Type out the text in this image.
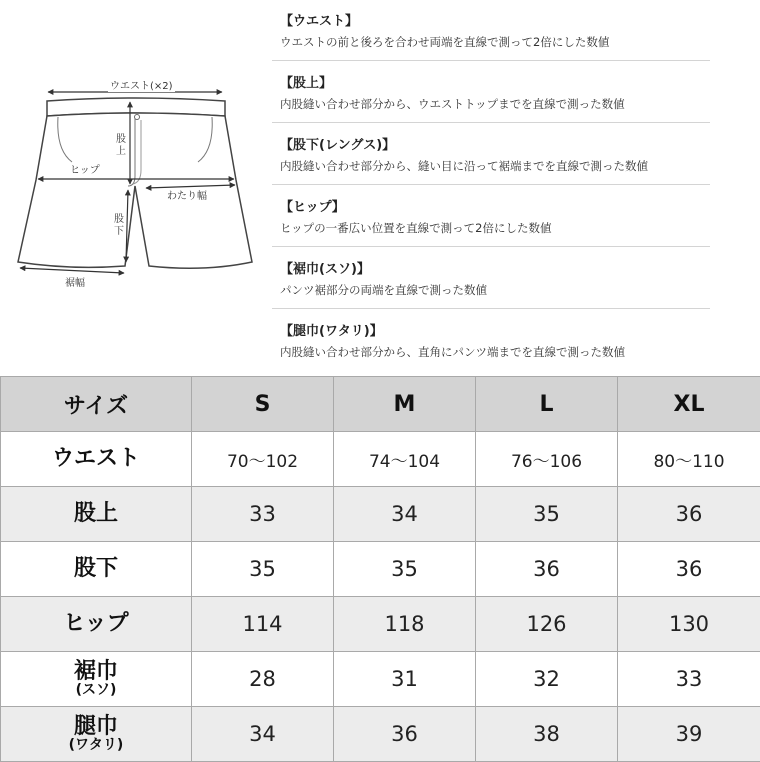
ウエスト(×2)
股上
ヒップ
わたり幅
股下
裾幅
【ウエスト】
ウエストの前と後ろを合わせ両端を直線で測って2倍にした数値
【股上】
内股縫い合わせ部分から、ウエストトップまでを直線で測った数値
【股下(レングス)】
内股縫い合わせ部分から、縫い目に沿って裾端までを直線で測った数値
【ヒップ】
ヒップの一番広い位置を直線で測って2倍にした数値
【裾巾(スソ)】
パンツ裾部分の両端を直線で測った数値
【腿巾(ワタリ)】
内股縫い合わせ部分から、直角にパンツ端までを直線で測った数値
サイズ	S	M	L	XL
ウエスト	70～102	74～104	76～106	80～110
股上	33	34	35	36
股下	35	35	36	36
ヒップ	114	118	126	130
裾巾
(スソ)	28	31	32	33
腿巾
(ワタリ)	34	36	38	39
